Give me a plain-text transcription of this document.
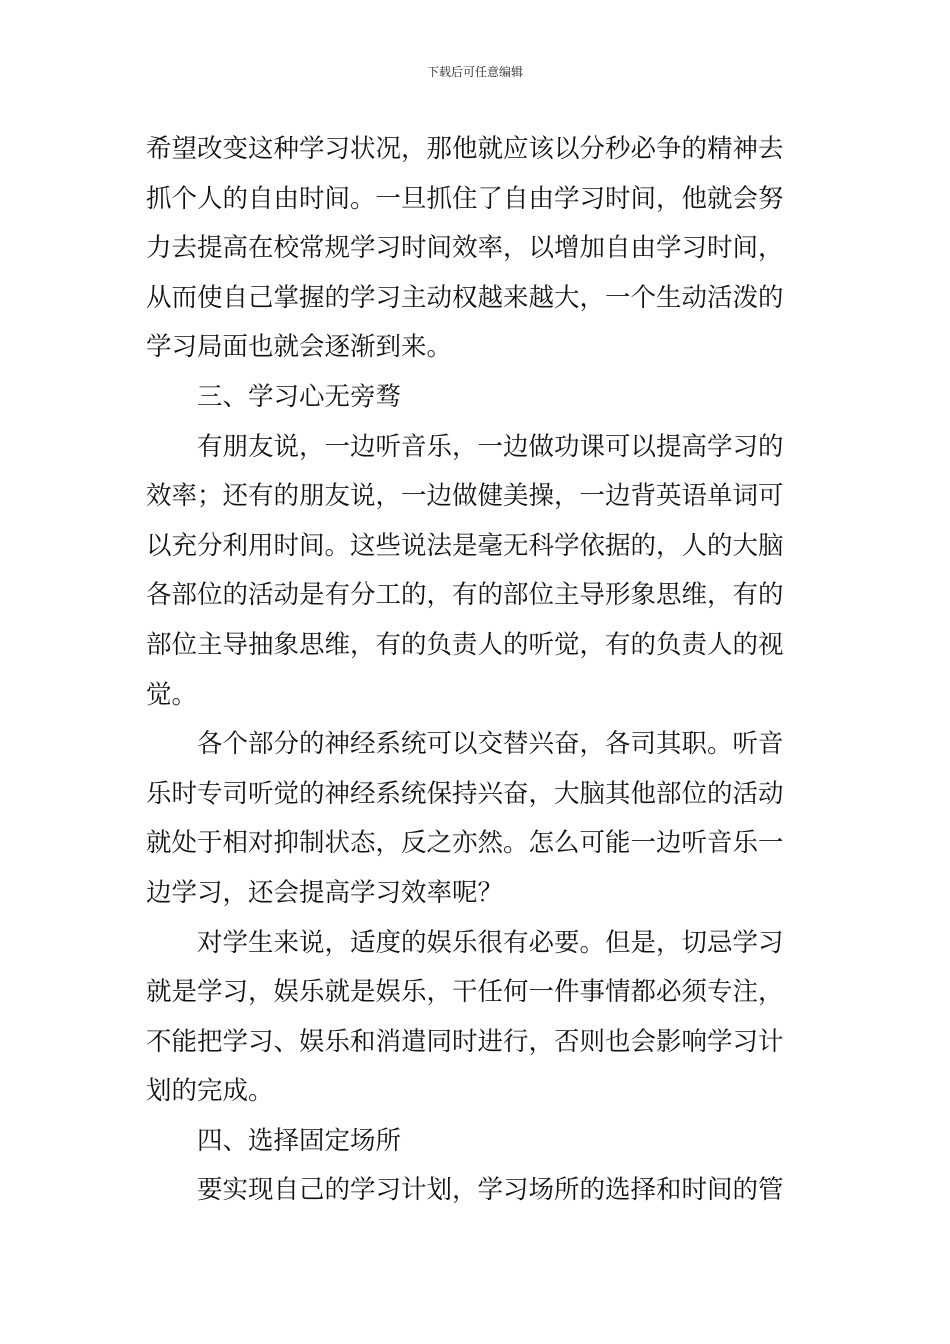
下载后可任意编辑

希望改变这种学习状况，那他就应该以分秒必争的精神去
抓个人的自由时间。一旦抓住了自由学习时间，他就会努
力去提高在校常规学习时间效率，以增加自由学习时间，
从而使自己掌握的学习主动权越来越大，一个生动活泼的
学习局面也就会逐渐到来。

三、学习心无旁骛

有朋友说，一边听音乐，一边做功课可以提高学习的
效率；还有的朋友说，一边做健美操，一边背英语单词可
以充分利用时间。这些说法是毫无科学依据的，人的大脑
各部位的活动是有分工的，有的部位主导形象思维，有的
部位主导抽象思维，有的负责人的听觉，有的负责人的视
觉。

各个部分的神经系统可以交替兴奋，各司其职。听音
乐时专司听觉的神经系统保持兴奋，大脑其他部位的活动
就处于相对抑制状态，反之亦然。怎么可能一边听音乐一
边学习，还会提高学习效率呢？

对学生来说，适度的娱乐很有必要。但是，切忌学习
就是学习，娱乐就是娱乐，干任何一件事情都必须专注，
不能把学习、娱乐和消遣同时进行，否则也会影响学习计
划的完成。

四、选择固定场所

要实现自己的学习计划，学习场所的选择和时间的管
